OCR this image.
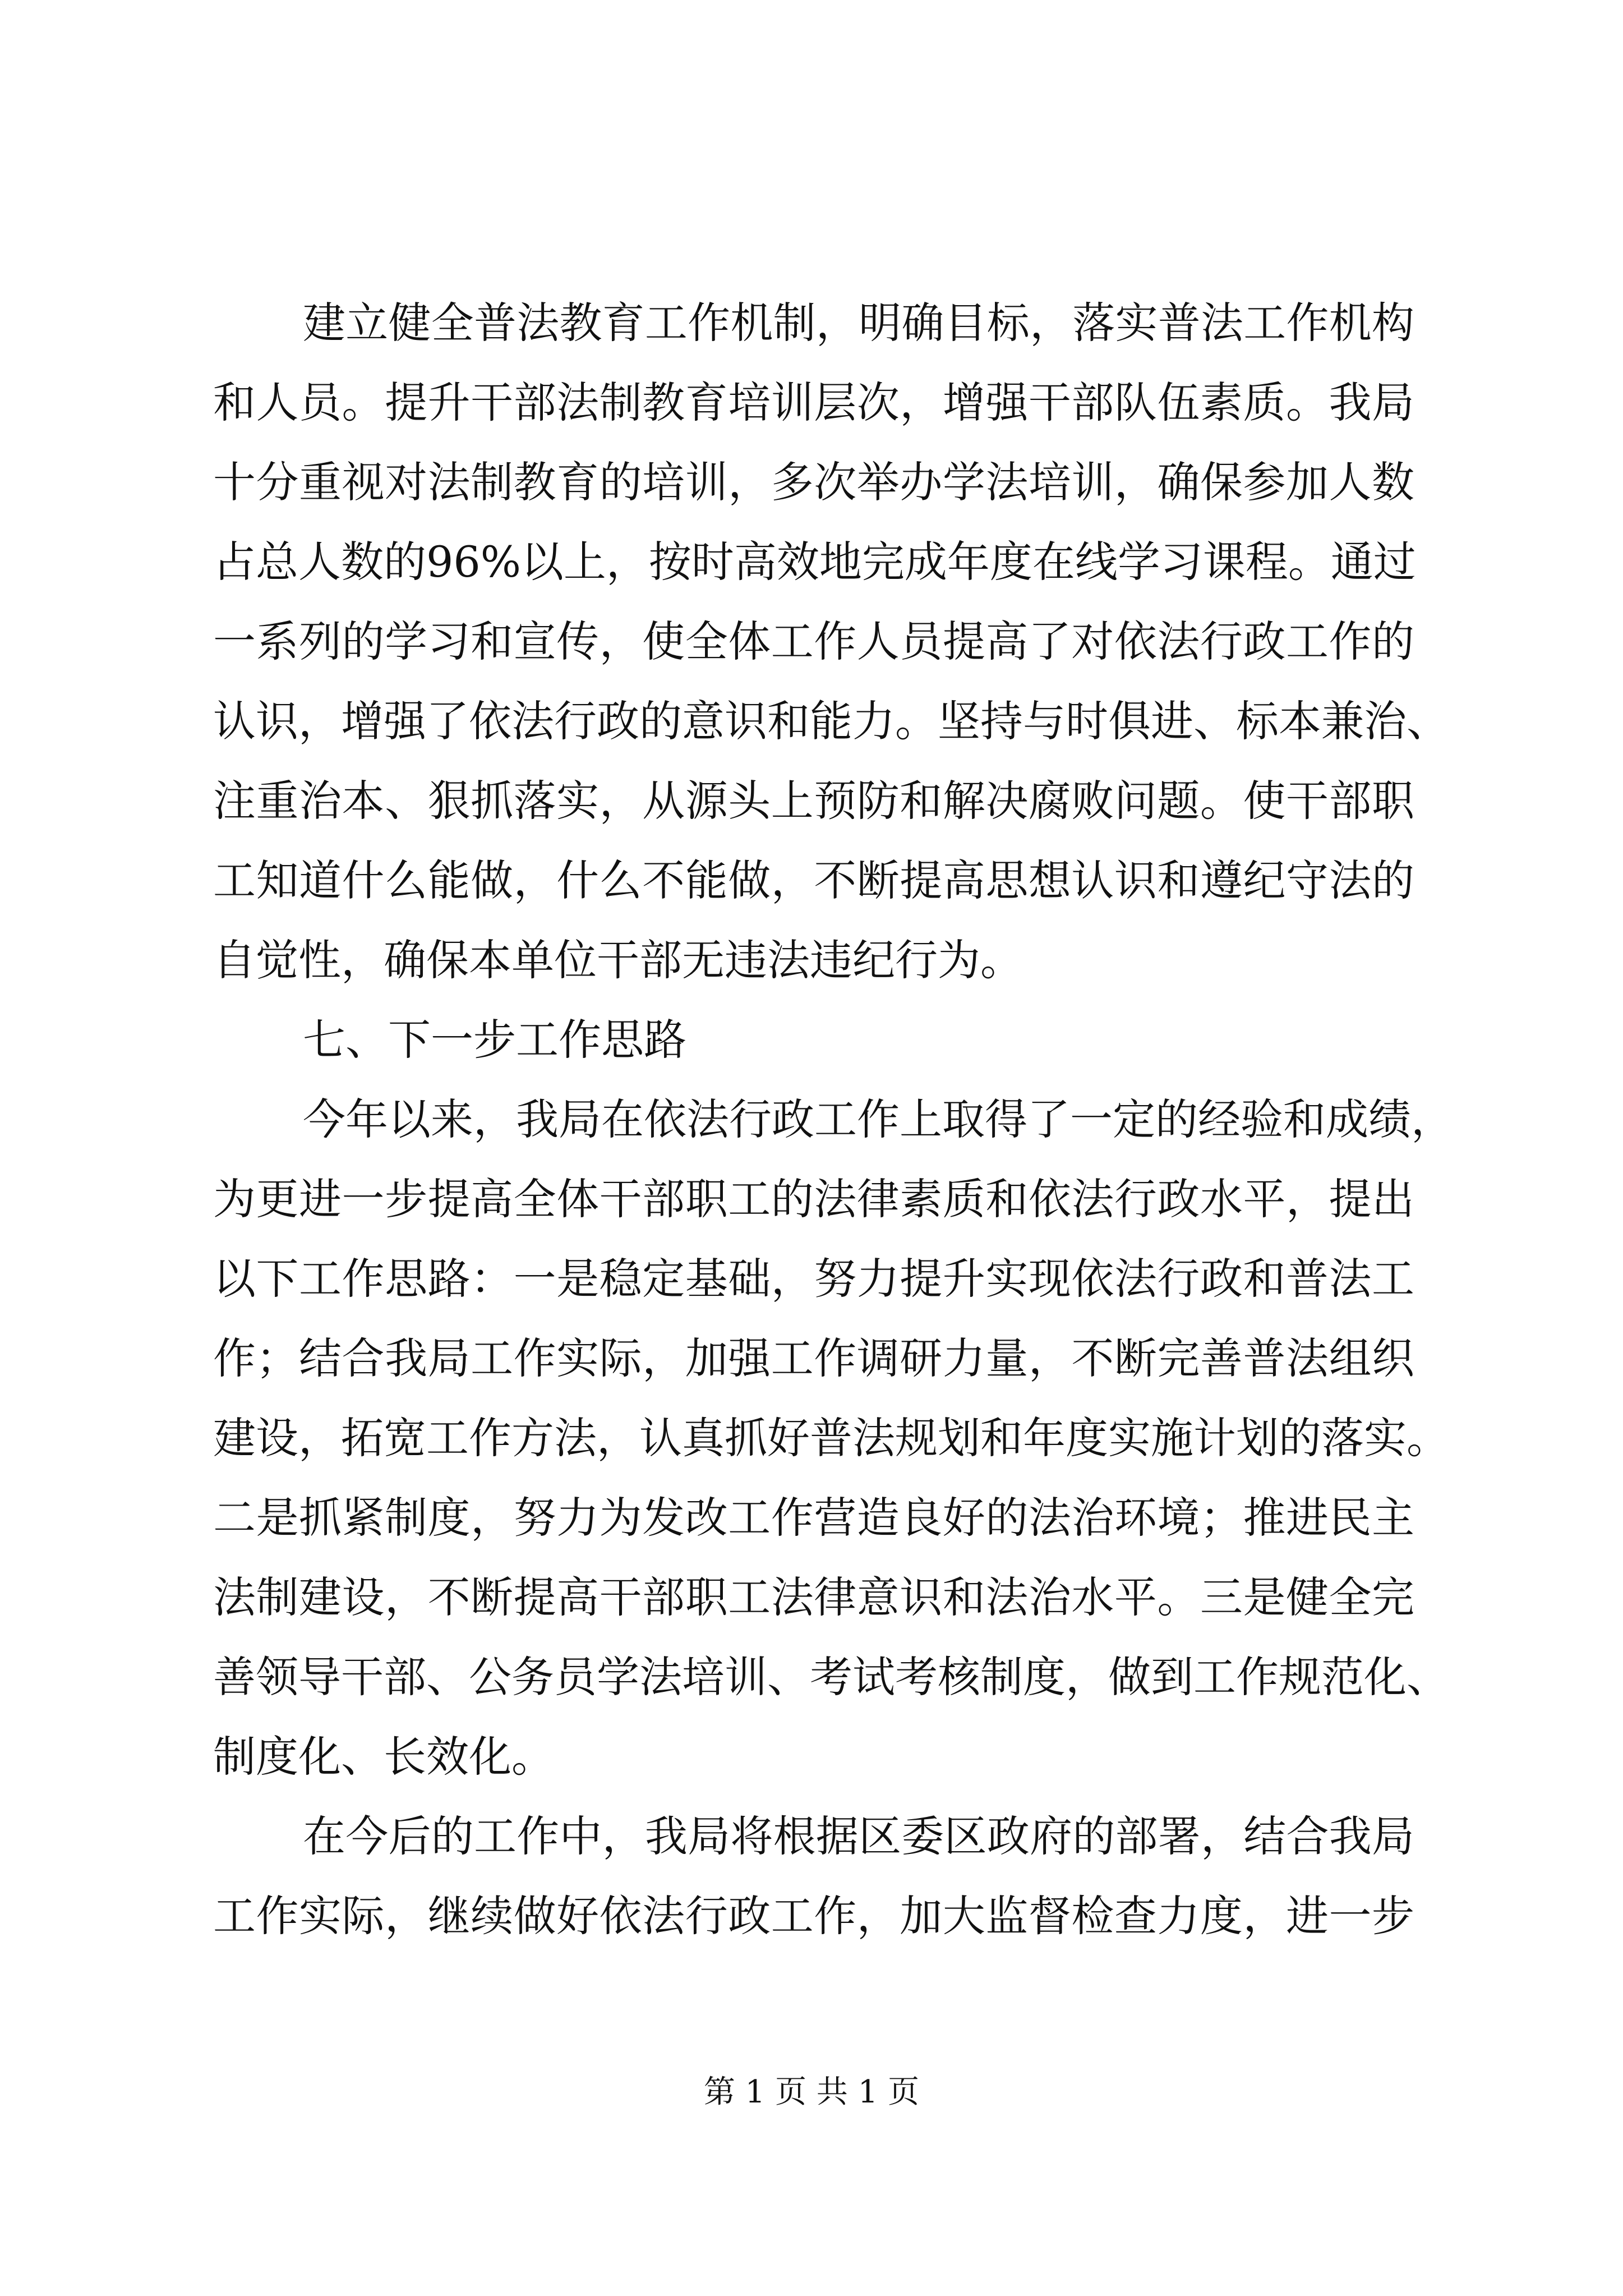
建立健全普法教育工作机制，明确目标，落实普法工作机构
和人员。提升干部法制教育培训层次，增强干部队伍素质。我局
十分重视对法制教育的培训，多次举办学法培训，确保参加人数
占总人数的96%以上，按时高效地完成年度在线学习课程。通过
一系列的学习和宣传，使全体工作人员提高了对依法行政工作的
认识，增强了依法行政的意识和能力。坚持与时俱进、标本兼治、
注重治本、狠抓落实，从源头上预防和解决腐败问题。使干部职
工知道什么能做，什么不能做，不断提高思想认识和遵纪守法的
自觉性，确保本单位干部无违法违纪行为。
七、下一步工作思路
今年以来，我局在依法行政工作上取得了一定的经验和成绩，
为更进一步提高全体干部职工的法律素质和依法行政水平，提出
以下工作思路：一是稳定基础，努力提升实现依法行政和普法工
作；结合我局工作实际，加强工作调研力量，不断完善普法组织
建设，拓宽工作方法，认真抓好普法规划和年度实施计划的落实。
二是抓紧制度，努力为发改工作营造良好的法治环境；推进民主
法制建设，不断提高干部职工法律意识和法治水平。三是健全完
善领导干部、公务员学法培训、考试考核制度，做到工作规范化、
制度化、长效化。
在今后的工作中，我局将根据区委区政府的部署，结合我局
工作实际，继续做好依法行政工作，加大监督检查力度，进一步
第 1 页 共 1 页
